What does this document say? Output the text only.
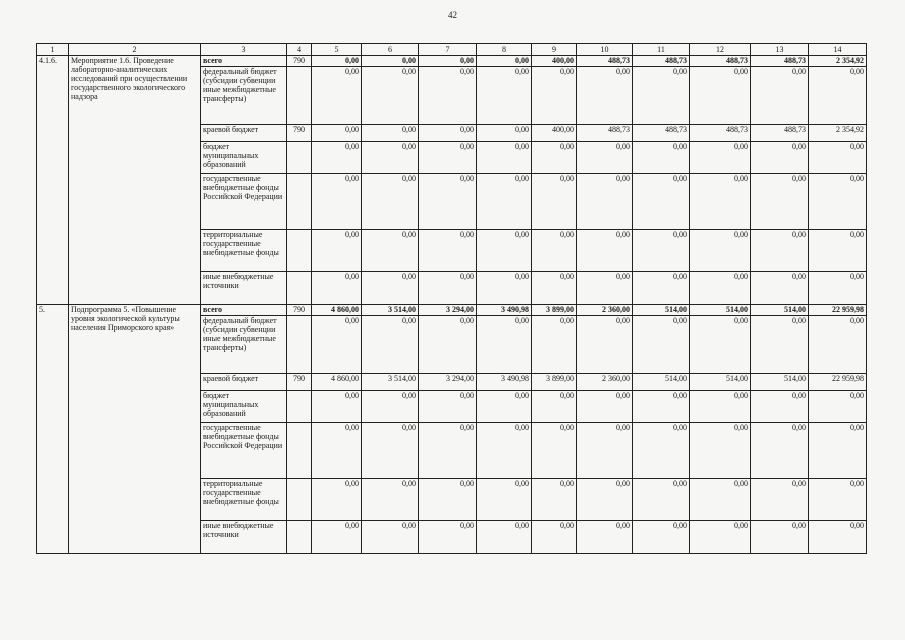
42
1	2	3	4	5	6	7	8	9	10	11	12	13	14
4.1.6.	Мероприятие 1.6. Проведение лабораторно-аналитических исследований при осуществлении государственного экологического надзора	всего	790	0,00	0,00	0,00	0,00	400,00	488,73	488,73	488,73	488,73	2 354,92
		федеральный бюджет (субсидии субвенции иные межбюджетные трансферты)		0,00	0,00	0,00	0,00	0,00	0,00	0,00	0,00	0,00	0,00
		краевой бюджет	790	0,00	0,00	0,00	0,00	400,00	488,73	488,73	488,73	488,73	2 354,92
		бюджет муниципальных образований		0,00	0,00	0,00	0,00	0,00	0,00	0,00	0,00	0,00	0,00
		государственные внебюджетные фонды Российской Федерации		0,00	0,00	0,00	0,00	0,00	0,00	0,00	0,00	0,00	0,00
		территориальные государственные внебюджетные фонды		0,00	0,00	0,00	0,00	0,00	0,00	0,00	0,00	0,00	0,00
		иные внебюджетные источники		0,00	0,00	0,00	0,00	0,00	0,00	0,00	0,00	0,00	0,00
5.	Подпрограмма 5. «Повышение уровня экологической культуры населения Приморского края»	всего	790	4 860,00	3 514,00	3 294,00	3 490,98	3 899,00	2 360,00	514,00	514,00	514,00	22 959,98
		федеральный бюджет (субсидии субвенции иные межбюджетные трансферты)		0,00	0,00	0,00	0,00	0,00	0,00	0,00	0,00	0,00	0,00
		краевой бюджет	790	4 860,00	3 514,00	3 294,00	3 490,98	3 899,00	2 360,00	514,00	514,00	514,00	22 959,98
		бюджет муниципальных образований		0,00	0,00	0,00	0,00	0,00	0,00	0,00	0,00	0,00	0,00
		государственные внебюджетные фонды Российской Федерации		0,00	0,00	0,00	0,00	0,00	0,00	0,00	0,00	0,00	0,00
		территориальные государственные внебюджетные фонды		0,00	0,00	0,00	0,00	0,00	0,00	0,00	0,00	0,00	0,00
		иные внебюджетные источники		0,00	0,00	0,00	0,00	0,00	0,00	0,00	0,00	0,00	0,00
